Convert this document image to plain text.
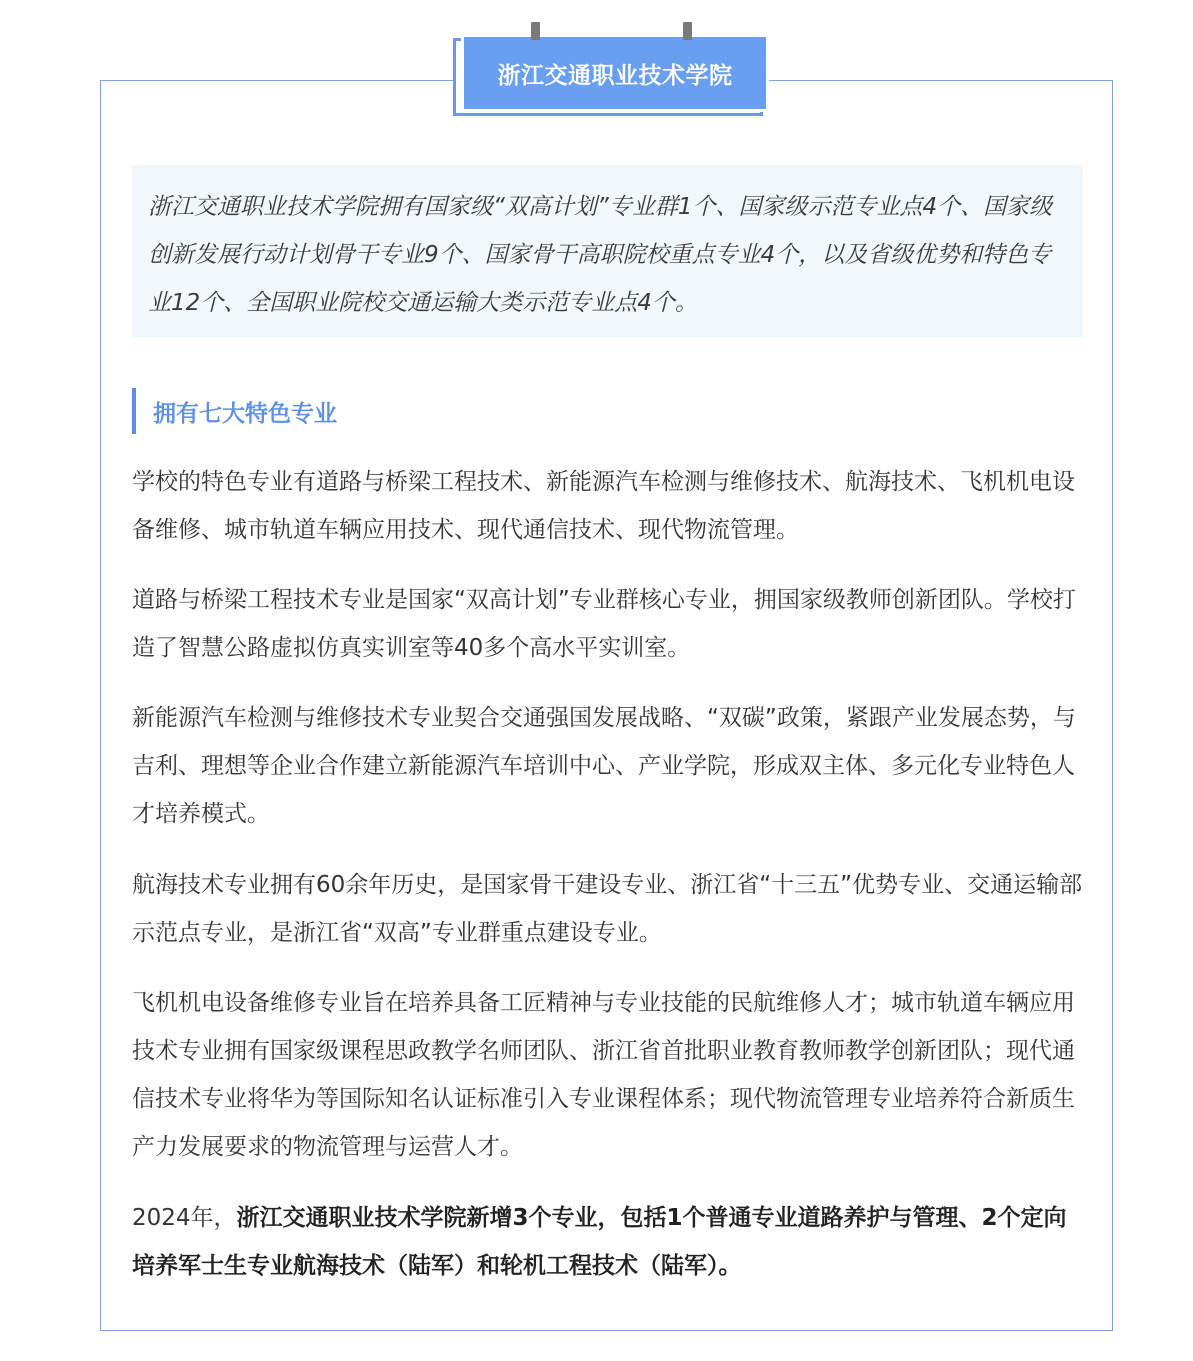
浙江交通职业技术学院

浙江交通职业技术学院拥有国家级“双高计划”专业群1个、国家级示范专业点4个、国家级创新发展行动计划骨干专业9个、国家骨干高职院校重点专业4个，以及省级优势和特色专业12个、全国职业院校交通运输大类示范专业点4个。

拥有七大特色专业

学校的特色专业有道路与桥梁工程技术、新能源汽车检测与维修技术、航海技术、飞机机电设备维修、城市轨道车辆应用技术、现代通信技术、现代物流管理。

道路与桥梁工程技术专业是国家“双高计划”专业群核心专业，拥国家级教师创新团队。学校打造了智慧公路虚拟仿真实训室等40多个高水平实训室。

新能源汽车检测与维修技术专业契合交通强国发展战略、“双碳”政策，紧跟产业发展态势，与吉利、理想等企业合作建立新能源汽车培训中心、产业学院，形成双主体、多元化专业特色人才培养模式。

航海技术专业拥有60余年历史，是国家骨干建设专业、浙江省“十三五”优势专业、交通运输部示范点专业，是浙江省“双高”专业群重点建设专业。

飞机机电设备维修专业旨在培养具备工匠精神与专业技能的民航维修人才；城市轨道车辆应用技术专业拥有国家级课程思政教学名师团队、浙江省首批职业教育教师教学创新团队；现代通信技术专业将华为等国际知名认证标准引入专业课程体系；现代物流管理专业培养符合新质生产力发展要求的物流管理与运营人才。

2024年，浙江交通职业技术学院新增3个专业，包括1个普通专业道路养护与管理、2个定向培养军士生专业航海技术（陆军）和轮机工程技术（陆军）。
